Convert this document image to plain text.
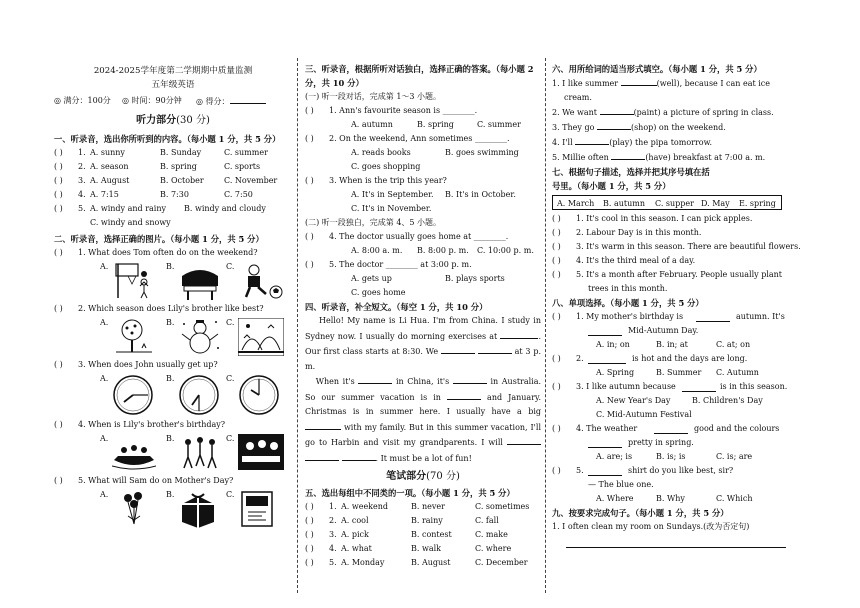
2024-2025学年度第二学期期中质量监测
五年级英语
◎ 满分：100分 ◎ 时间：90分钟 ◎ 得分：
听力部分(30 分)
一、听录音，选出你所听到的内容。（每小题 1 分，共 5 分）
( ) 1. A. sunny	B. Sunday	C. summer
( ) 2. A. season	B. spring	C. sports
( ) 3. A. August	B. October	C. November
( ) 4. A. 7:15	B. 7:30	C. 7:50
( ) 5. A. windy and rainy B. windy and cloudy
C. windy and snowy
二、听录音，选择正确的图片。（每小题 1 分，共 5 分）
( ) 1. What does Tom often do on the weekend?
A.	B.	C.
( ) 2. Which season does Lily's brother like best?
A.	B.	C.
( ) 3. When does John usually get up?
A.	B.	C.
( ) 4. When is Lily's brother's birthday?
A.	B.	C.
( ) 5. What will Sam do on Mother's Day?
A.	B.	C.
三、听录音，根据所听对话独白，选择正确的答案。（每小题 2 分，共 10 分）
(一) 听一段对话，完成第 1～3 小题。
( ) 1. Ann's favourite season is ________.
A. autumn	B. spring	C. summer
( ) 2. On the weekend, Ann sometimes ________.
A. reads books	B. goes swimming
C. goes shopping
( ) 3. When is the trip this year?
A. It's in September. B. It's in October.
C. It's in November.
(二) 听一段独白，完成第 4、5 小题。
( ) 4. The doctor usually goes home at ________.
A. 8:00 a. m. B. 8:00 p. m. C. 10:00 p. m.
( ) 5. The doctor ________ at 3:00 p. m.
A. gets up	B. plays sports
C. goes home
四、听录音，补全短文。（每空 1 分，共 10 分）
Hello! My name is Li Hua. I'm from China. I study in Sydney now. I usually do morning exercises at	. Our first class starts at 8:30. We	at 3 p. m.
When it's	in China, it's	in Australia. So our summer vacation is in	and January. Christmas is in summer here. I usually have a big  with my family. But in this summer vacation, I'll go to Harbin and visit my grandparents. I will   . It must be a lot of fun!
笔试部分(70 分)
五、选出每组中不同类的一项。（每小题 1 分，共 5 分）
( ) 1. A. weekend	B. never	C. sometimes
( ) 2. A. cool	B. rainy	C. fall
( ) 3. A. pick	B. contest	C. make
( ) 4. A. what	B. walk	C. where
( ) 5. A. Monday	B. August	C. December
六、用所给词的适当形式填空。（每小题 1 分，共 5 分）
1. I like summer	(well), because I can eat ice
cream.
2. We want	(paint) a picture of spring in class.
3. They go	(shop) on the weekend.
4. I'll	(play) the pipa tomorrow.
5. Millie often	(have) breakfast at 7:00 a. m.
七、根据句子描述，选择并把其序号填在括
号里。（每小题 1 分，共 5 分）
A. March B. autumn C. supper D. May E. spring
( ) 1. It's cool in this season. I can pick apples.
( ) 2. Labour Day is in this month.
( ) 3. It's warm in this season. There are beautiful flowers.
( ) 4. It's the third meal of a day.
( ) 5. It's a month after February. People usually plant
trees in this month.
八、单项选择。（每小题 1 分，共 5 分）
( ) 1. My mother's birthday is	autumn. It's
Mid-Autumn Day.
A. in; on	B. in; at	C. at; on
( ) 2.	is hot and the days are long.
A. Spring	B. Summer C. Autumn
( ) 3. I like autumn because	is in this season.
A. New Year's Day	B. Children's Day
C. Mid-Autumn Festival
( ) 4. The weather	good and the colours
pretty in spring.
A. are; is	B. is; is	C. is; are
( ) 5.	shirt do you like best, sir?
— The blue one.
A. Where	B. Why	C. Which
九、按要求完成句子。（每小题 1 分，共 5 分）
1. I often clean my room on Sundays.(改为否定句)
